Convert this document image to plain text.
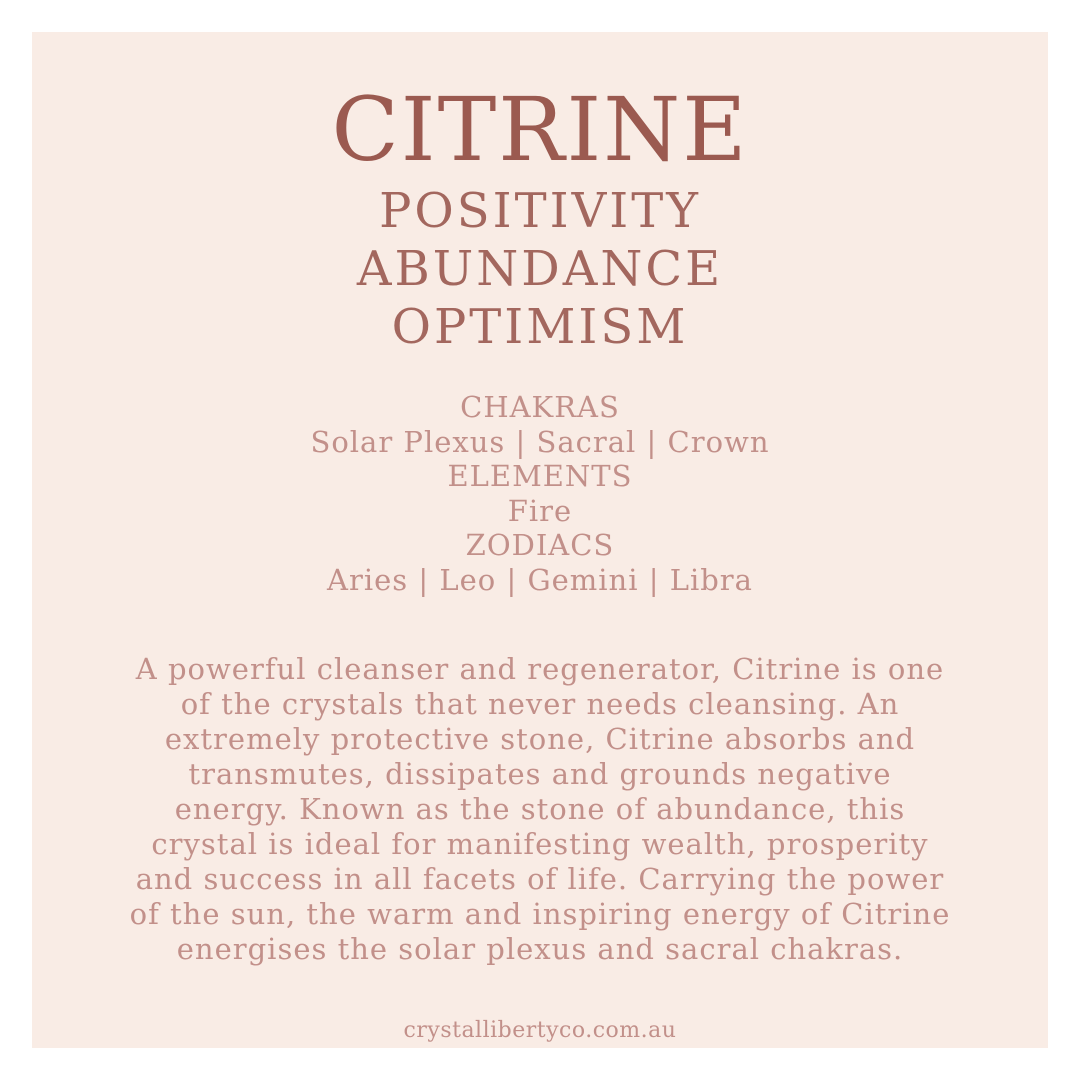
CITRINE
POSITIVITY
ABUNDANCE
OPTIMISM
CHAKRAS
Solar Plexus | Sacral | Crown
ELEMENTS
Fire
ZODIACS
Aries | Leo | Gemini | Libra
A powerful cleanser and regenerator, Citrine is one
of the crystals that never needs cleansing. An
extremely protective stone, Citrine absorbs and
transmutes, dissipates and grounds negative
energy. Known as the stone of abundance, this
crystal is ideal for manifesting wealth, prosperity
and success in all facets of life. Carrying the power
of the sun, the warm and inspiring energy of Citrine
energises the solar plexus and sacral chakras.
crystallibertyco.com.au
